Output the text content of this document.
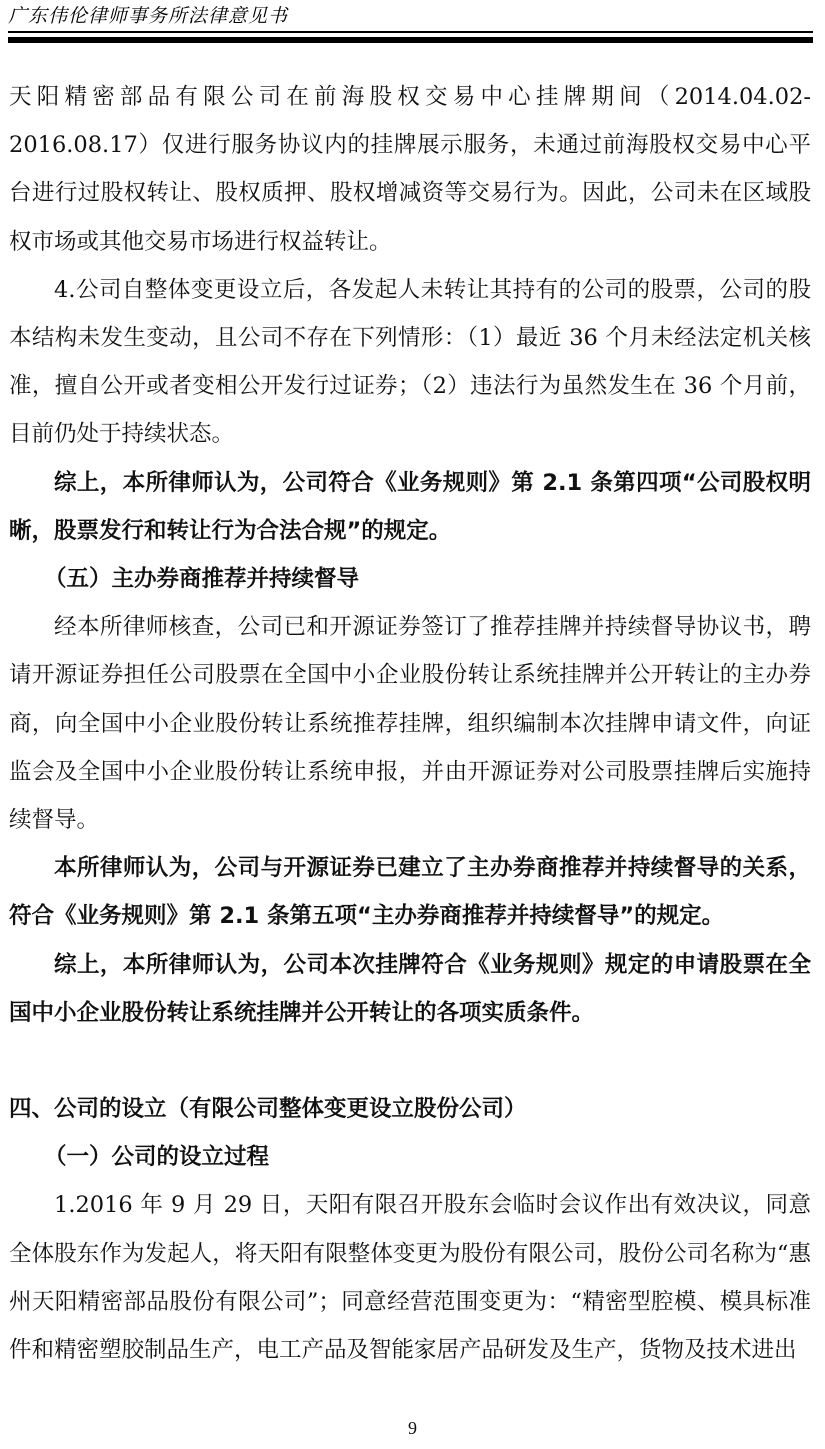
广东伟伦律师事务所法律意见书

天阳精密部品有限公司在前海股权交易中心挂牌期间（2014.04.02-2016.08.17）仅进行服务协议内的挂牌展示服务，未通过前海股权交易中心平台进行过股权转让、股权质押、股权增减资等交易行为。因此，公司未在区域股权市场或其他交易市场进行权益转让。

4.公司自整体变更设立后，各发起人未转让其持有的公司的股票，公司的股本结构未发生变动，且公司不存在下列情形：（1）最近 36 个月未经法定机关核准，擅自公开或者变相公开发行过证券；（2）违法行为虽然发生在 36 个月前，目前仍处于持续状态。

综上，本所律师认为，公司符合《业务规则》第 2.1 条第四项“公司股权明晰，股票发行和转让行为合法合规”的规定。

（五）主办券商推荐并持续督导

经本所律师核查，公司已和开源证券签订了推荐挂牌并持续督导协议书，聘请开源证券担任公司股票在全国中小企业股份转让系统挂牌并公开转让的主办券商，向全国中小企业股份转让系统推荐挂牌，组织编制本次挂牌申请文件，向证监会及全国中小企业股份转让系统申报，并由开源证券对公司股票挂牌后实施持续督导。

本所律师认为，公司与开源证券已建立了主办券商推荐并持续督导的关系，符合《业务规则》第 2.1 条第五项“主办券商推荐并持续督导”的规定。

综上，本所律师认为，公司本次挂牌符合《业务规则》规定的申请股票在全国中小企业股份转让系统挂牌并公开转让的各项实质条件。

四、公司的设立（有限公司整体变更设立股份公司）

（一）公司的设立过程

1.2016 年 9 月 29 日，天阳有限召开股东会临时会议作出有效决议，同意全体股东作为发起人，将天阳有限整体变更为股份有限公司，股份公司名称为“惠州天阳精密部品股份有限公司”；同意经营范围变更为：“精密型腔模、模具标准件和精密塑胶制品生产，电工产品及智能家居产品研发及生产，货物及技术进出

9
